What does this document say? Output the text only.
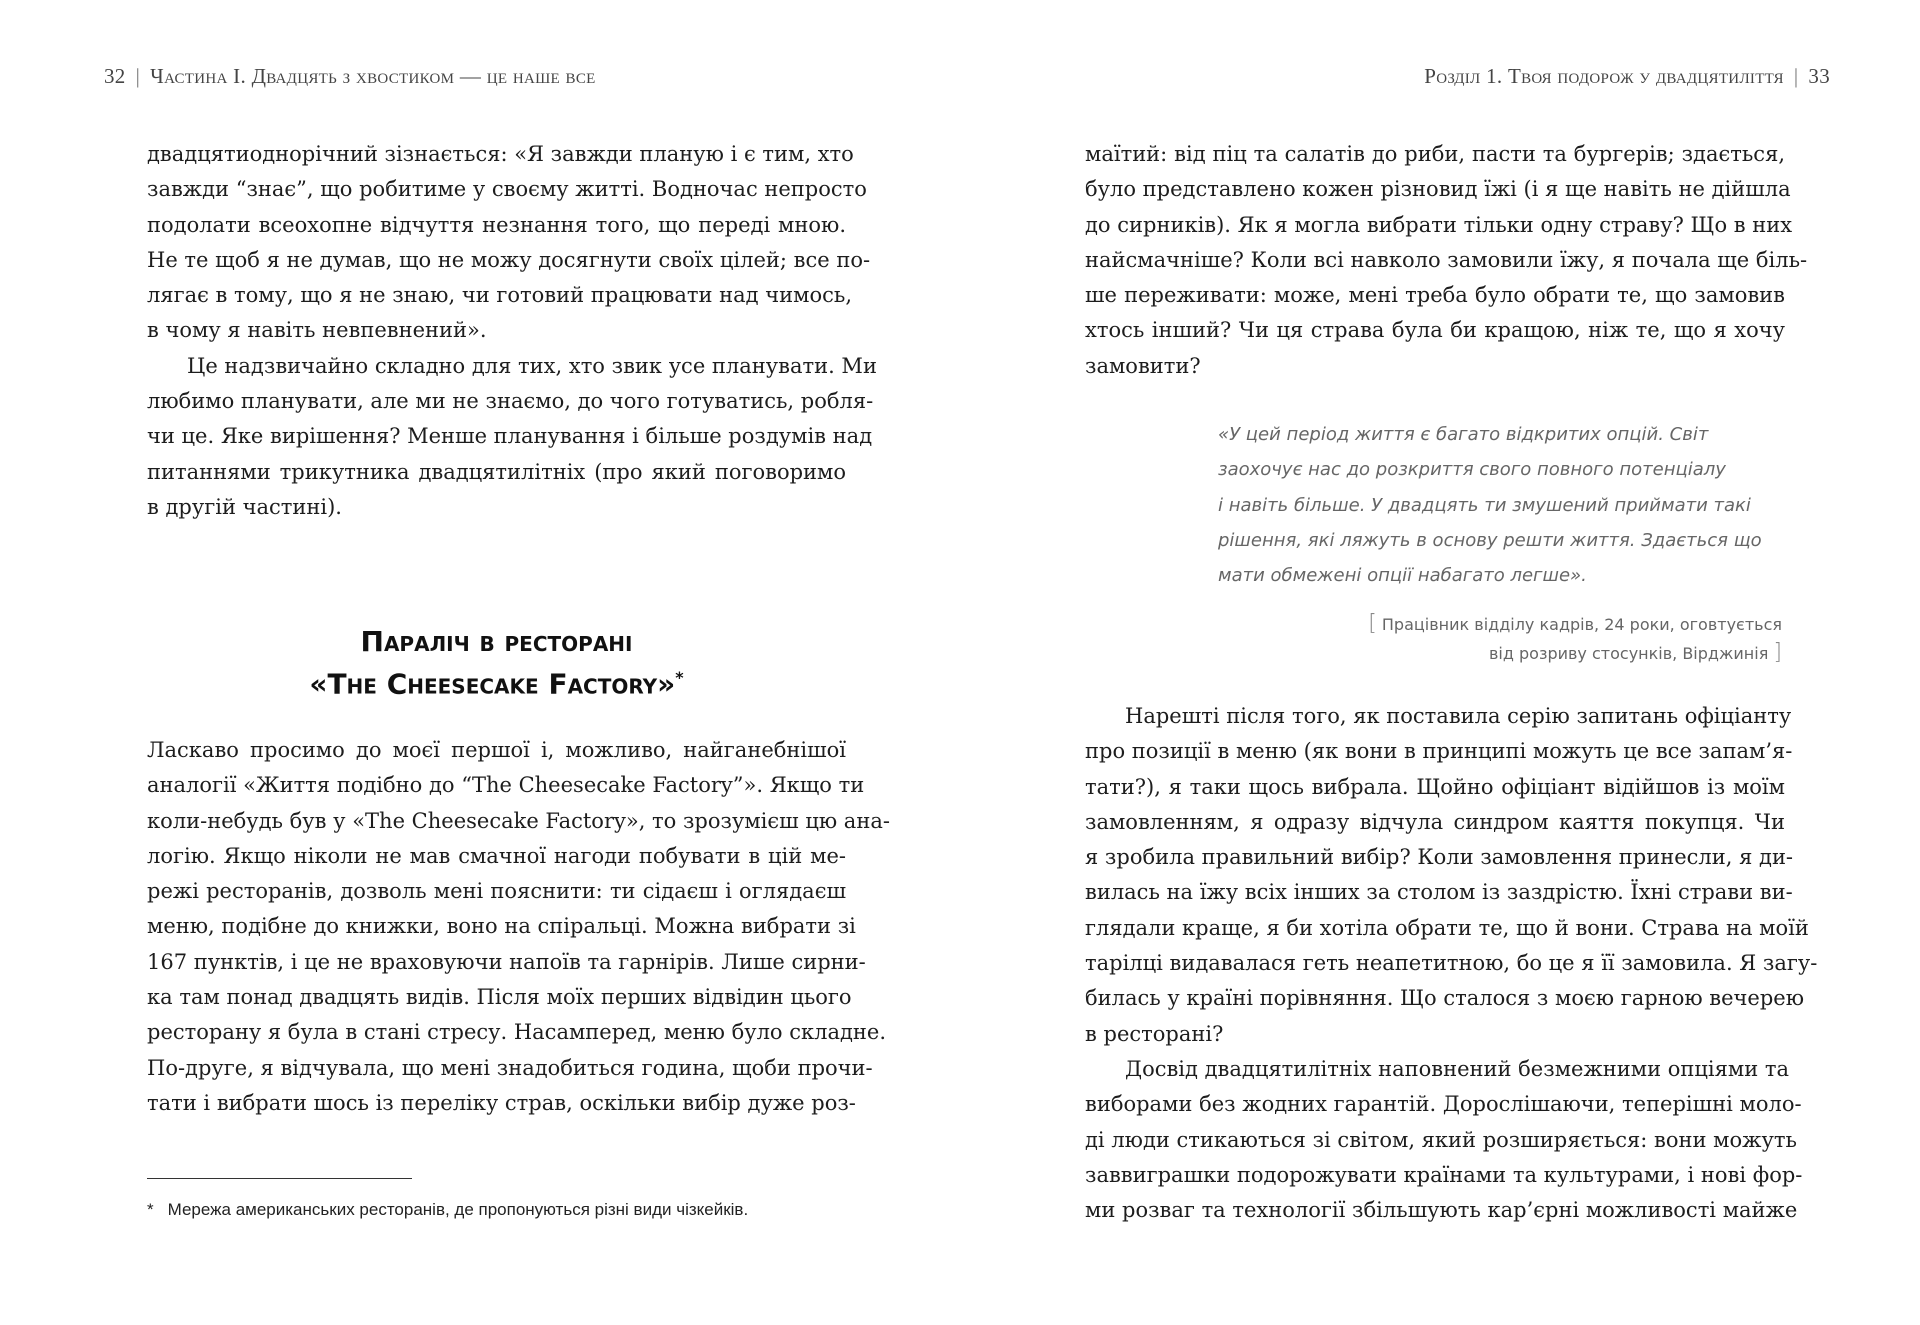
32 | Частина І. Двадцять з хвостиком — це наше все
двадцятиоднорічний зізнається: «Я завжди планую і є тим, хто
завжди “знає”, що робитиме у своєму житті. Водночас непросто
подолати всеохопне відчуття незнання того, що переді мною.
Не те щоб я не думав, що не можу досягнути своїх цілей; все по-
лягає в тому, що я не знаю, чи готовий працювати над чимось,
в чому я навіть невпевнений».
Це надзвичайно складно для тих, хто звик усе планувати. Ми
любимо планувати, але ми не знаємо, до чого готуватись, робля-
чи це. Яке вирішення? Менше планування і більше роздумів над
питаннями трикутника двадцятилітніх (про який поговоримо
в другій частині).
Параліч в ресторані
«The Cheesecake Factory»*
Ласкаво просимо до моєї першої і, можливо, найганебнішої
аналогії «Життя подібно до “The Cheesecake Factory”». Якщо ти
коли-небудь був у «The Cheesecake Factory», то зрозумієш цю ана-
логію. Якщо ніколи не мав смачної нагоди побувати в цій ме-
режі ресторанів, дозволь мені пояснити: ти сідаєш і оглядаєш
меню, подібне до книжки, воно на спіральці. Можна вибрати зі
167 пунктів, і це не враховуючи напоїв та гарнірів. Лише сирни-
ка там понад двадцять видів. Після моїх перших відвідин цього
ресторану я була в стані стресу. Насамперед, меню було складне.
По-друге, я відчувала, що мені знадобиться година, щоби прочи-
тати і вибрати шось із переліку страв, оскільки вибір дуже роз-
* Мережа американських ресторанів, де пропонуються різні види чізкейків.
Розділ 1. Твоя подорож у двадцятиліття | 33
маїтий: від піц та салатів до риби, пасти та бургерів; здається,
було представлено кожен різновид їжі (і я ще навіть не дійшла
до сирників). Як я могла вибрати тільки одну страву? Що в них
найсмачніше? Коли всі навколо замовили їжу, я почала ще біль-
ше переживати: може, мені треба було обрати те, що замовив
хтось інший? Чи ця страва була би кращою, ніж те, що я хочу
замовити?
«У цей період життя є багато відкритих опцій. Світ
заохочує нас до розкриття свого повного потенціалу
і навіть більше. У двадцять ти змушений приймати такі
рішення, які ляжуть в основу решти життя. Здається що
мати обмежені опції набагато легше».
[ Працівник відділу кадрів, 24 роки, оговтується
від розриву стосунків, Вірджинія ]
Нарешті після того, як поставила серію запитань офіціанту
про позиції в меню (як вони в принципі можуть це все запам’я-
тати?), я таки щось вибрала. Щойно офіціант відійшов із моїм
замовленням, я одразу відчула синдром каяття покупця. Чи
я зробила правильний вибір? Коли замовлення принесли, я ди-
вилась на їжу всіх інших за столом із заздрістю. Їхні страви ви-
глядали краще, я би хотіла обрати те, що й вони. Страва на моїй
тарілці видавалася геть неапетитною, бо це я її замовила. Я загу-
билась у країні порівняння. Що сталося з моєю гарною вечерею
в ресторані?
Досвід двадцятилітніх наповнений безмежними опціями та
виборами без жодних гарантій. Дорослішаючи, теперішні моло-
ді люди стикаються зі світом, який розширяється: вони можуть
заввиграшки подорожувати країнами та культурами, і нові фор-
ми розваг та технології збільшують кар’єрні можливості майже
